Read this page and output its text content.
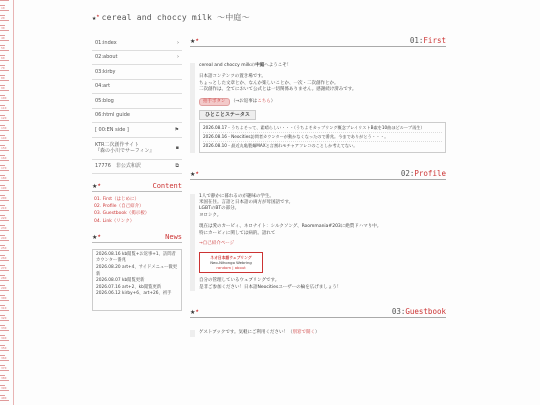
10
20
30
40
50
60
70
80
90
100
110
120
130
140
150
160
170
180
190
200
210
220
230
240
250
260
270
280
290
300
310
320
330
340
350
360
370
380
390
400
★★ cereal and choccy milk ～中庭～
01:index	›
02:about	›
03:kirby
04:art
05:blog
06:html guide
[ 00:EN side ]	⚑
KTR二次創作サイト
『森の小川でサーフィン』	▪
17776　非公式和訳	⧉
★★	Content
01. First（はじめに）
02. Profile（自己紹介）
03. Guestbook（掲示板）
04. Link（リンク）
★★	News
2026.08.16 kb閲覧+お返事+1、訪問者カウンター番兆
2026.08.20 art+4、サイドメニュー微更新
2026.08.07 kb閲覧更新
2026.07.16 art+2、kb閲覧更新
2026.06.12 kirby+6、art+26、初手
★★	01:First
cereal and choccy milkの中庭へようこそ！
日本語コンテンツの置き場です。
ちょっとした文章とか、なんか楽しいことか、一次・二次創作とか。
二次創作は、全てにおいて公式とは一切関係ありません。感謝続け済みです。
拍手ボタン （→お返事はこちら）
ひとことステータス
2026.08.17 - うちよそって、素晴らしい・・・（うちよそカップリング概念プレイリストB索を10曲ほどループ再生）
2026.08.16 - Neocities訪問者カウンターが動かなくなったので番兆。今までありがとう・・・。
2026.08.10 - 最近丸亀製麺MAXと言割れモチャアフレコのことしか考えてない。
★★	02:Profile
1人で静かに暮れるのが趣味の学生。
米国在住。言語と日本語の両方が母国語です。
LGBTのBTの部分。
ヨロシク。
現在は愛のカービィ、ネロナイト：シルクソング、Roommania#203に絶賛ドハマり中。
特にカービィに関しては病的。語れて
→自己紹介ページ
ネオ日本語ウェブリング
Neo-Nihongo Webring
random | about
自分の管理しているウェブリングです。
是非ご参加ください！日本語Neocitiesユーザーの輪を広げましょう！
★★	03:Guestbook
ゲストブックです。気軽にご利用ください！（別窓で開く）
